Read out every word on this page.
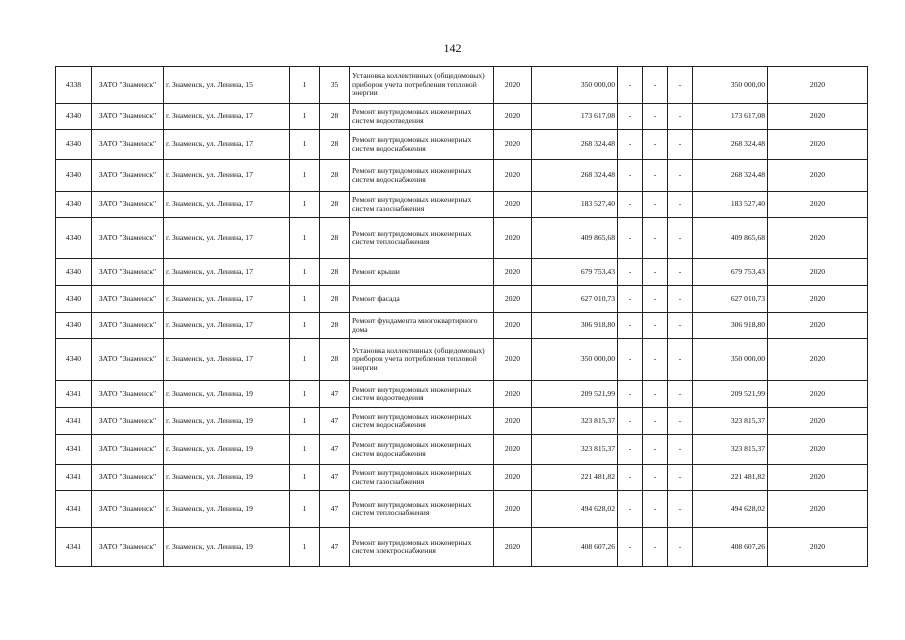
142
4338	ЗАТО "Знаменск"	г. Знаменск, ул. Ленина, 15	1	35	Установка коллективных (общедомовых) приборов учета потребления тепловой энергии	2020	350 000,00	-	-	-	350 000,00	2020
4340	ЗАТО "Знаменск"	г. Знаменск, ул. Ленина, 17	1	28	Ремонт внутридомовых инженерных систем водоотведения	2020	173 617,08	-	-	-	173 617,08	2020
4340	ЗАТО "Знаменск"	г. Знаменск, ул. Ленина, 17	1	28	Ремонт внутридомовых инженерных систем водоснабжения	2020	268 324,48	-	-	-	268 324,48	2020
4340	ЗАТО "Знаменск"	г. Знаменск, ул. Ленина, 17	1	28	Ремонт внутридомовых инженерных систем водоснабжения	2020	268 324,48	-	-	-	268 324,48	2020
4340	ЗАТО "Знаменск"	г. Знаменск, ул. Ленина, 17	1	28	Ремонт внутридомовых инженерных систем газоснабжения	2020	183 527,40	-	-	-	183 527,40	2020
4340	ЗАТО "Знаменск"	г. Знаменск, ул. Ленина, 17	1	28	Ремонт внутридомовых инженерных систем теплоснабжения	2020	409 865,68	-	-	-	409 865,68	2020
4340	ЗАТО "Знаменск"	г. Знаменск, ул. Ленина, 17	1	28	Ремонт крыши	2020	679 753,43	-	-	-	679 753,43	2020
4340	ЗАТО "Знаменск"	г. Знаменск, ул. Ленина, 17	1	28	Ремонт фасада	2020	627 010,73	-	-	-	627 010,73	2020
4340	ЗАТО "Знаменск"	г. Знаменск, ул. Ленина, 17	1	28	Ремонт фундамента многоквартирного дома	2020	306 918,80	-	-	-	306 918,80	2020
4340	ЗАТО "Знаменск"	г. Знаменск, ул. Ленина, 17	1	28	Установка коллективных (общедомовых) приборов учета потребления тепловой энергии	2020	350 000,00	-	-	-	350 000,00	2020
4341	ЗАТО "Знаменск"	г. Знаменск, ул. Ленина, 19	1	47	Ремонт внутридомовых инженерных систем водоотведения	2020	209 521,99	-	-	-	209 521,99	2020
4341	ЗАТО "Знаменск"	г. Знаменск, ул. Ленина, 19	1	47	Ремонт внутридомовых инженерных систем водоснабжения	2020	323 815,37	-	-	-	323 815,37	2020
4341	ЗАТО "Знаменск"	г. Знаменск, ул. Ленина, 19	1	47	Ремонт внутридомовых инженерных систем водоснабжения	2020	323 815,37	-	-	-	323 815,37	2020
4341	ЗАТО "Знаменск"	г. Знаменск, ул. Ленина, 19	1	47	Ремонт внутридомовых инженерных систем газоснабжения	2020	221 481,82	-	-	-	221 481,82	2020
4341	ЗАТО "Знаменск"	г. Знаменск, ул. Ленина, 19	1	47	Ремонт внутридомовых инженерных систем теплоснабжения	2020	494 628,02	-	-	-	494 628,02	2020
4341	ЗАТО "Знаменск"	г. Знаменск, ул. Ленина, 19	1	47	Ремонт внутридомовых инженерных систем электроснабжения	2020	408 607,26	-	-	-	408 607,26	2020
